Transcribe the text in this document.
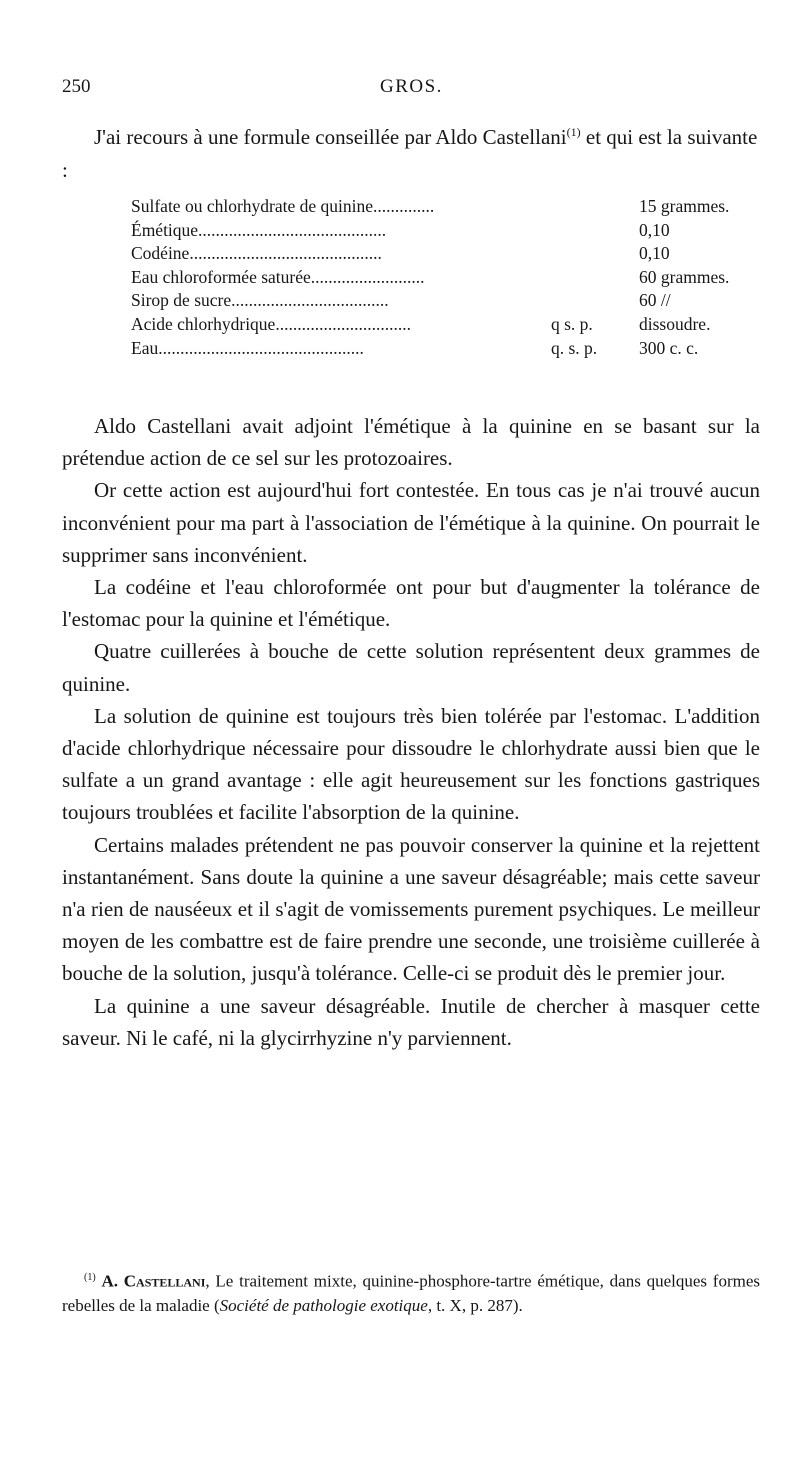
250	GROS.

J'ai recours à une formule conseillée par Aldo Castellani$^{(1)}$ et qui est la suivante :

Sulfate ou chlorhydrate de quinine..............	15 grammes.
Émétique...........................................	0,10
Codéine............................................	0,10
Eau chloroformée saturée..........................	60 grammes.
Sirop de sucre....................................	60 //
Acide chlorhydrique...............................	q s. p.	dissoudre.
Eau...............................................	q. s. p.	300 c. c.

Aldo Castellani avait adjoint l'émétique à la quinine en se basant sur la prétendue action de ce sel sur les protozoaires.

Or cette action est aujourd'hui fort contestée. En tous cas je n'ai trouvé aucun inconvénient pour ma part à l'association de l'émétique à la quinine. On pourrait le supprimer sans inconvénient.

La codéine et l'eau chloroformée ont pour but d'augmenter la tolérance de l'estomac pour la quinine et l'émétique.

Quatre cuillerées à bouche de cette solution représentent deux grammes de quinine.

La solution de quinine est toujours très bien tolérée par l'estomac. L'addition d'acide chlorhydrique nécessaire pour dissoudre le chlorhydrate aussi bien que le sulfate a un grand avantage : elle agit heureusement sur les fonctions gastriques toujours troublées et facilite l'absorption de la quinine.

Certains malades prétendent ne pas pouvoir conserver la quinine et la rejettent instantanément. Sans doute la quinine a une saveur désagréable; mais cette saveur n'a rien de nauséeux et il s'agit de vomissements purement psychiques. Le meilleur moyen de les combattre est de faire prendre une seconde, une troisième cuillerée à bouche de la solution, jusqu'à tolérance. Celle-ci se produit dès le premier jour.

La quinine a une saveur désagréable. Inutile de chercher à masquer cette saveur. Ni le café, ni la glycirrhyzine n'y parviennent.

$^{(1)}$ A. Castellani, Le traitement mixte, quinine-phosphore-tartre émétique, dans quelques formes rebelles de la maladie (Société de pathologie exotique, t. X, p. 287).
